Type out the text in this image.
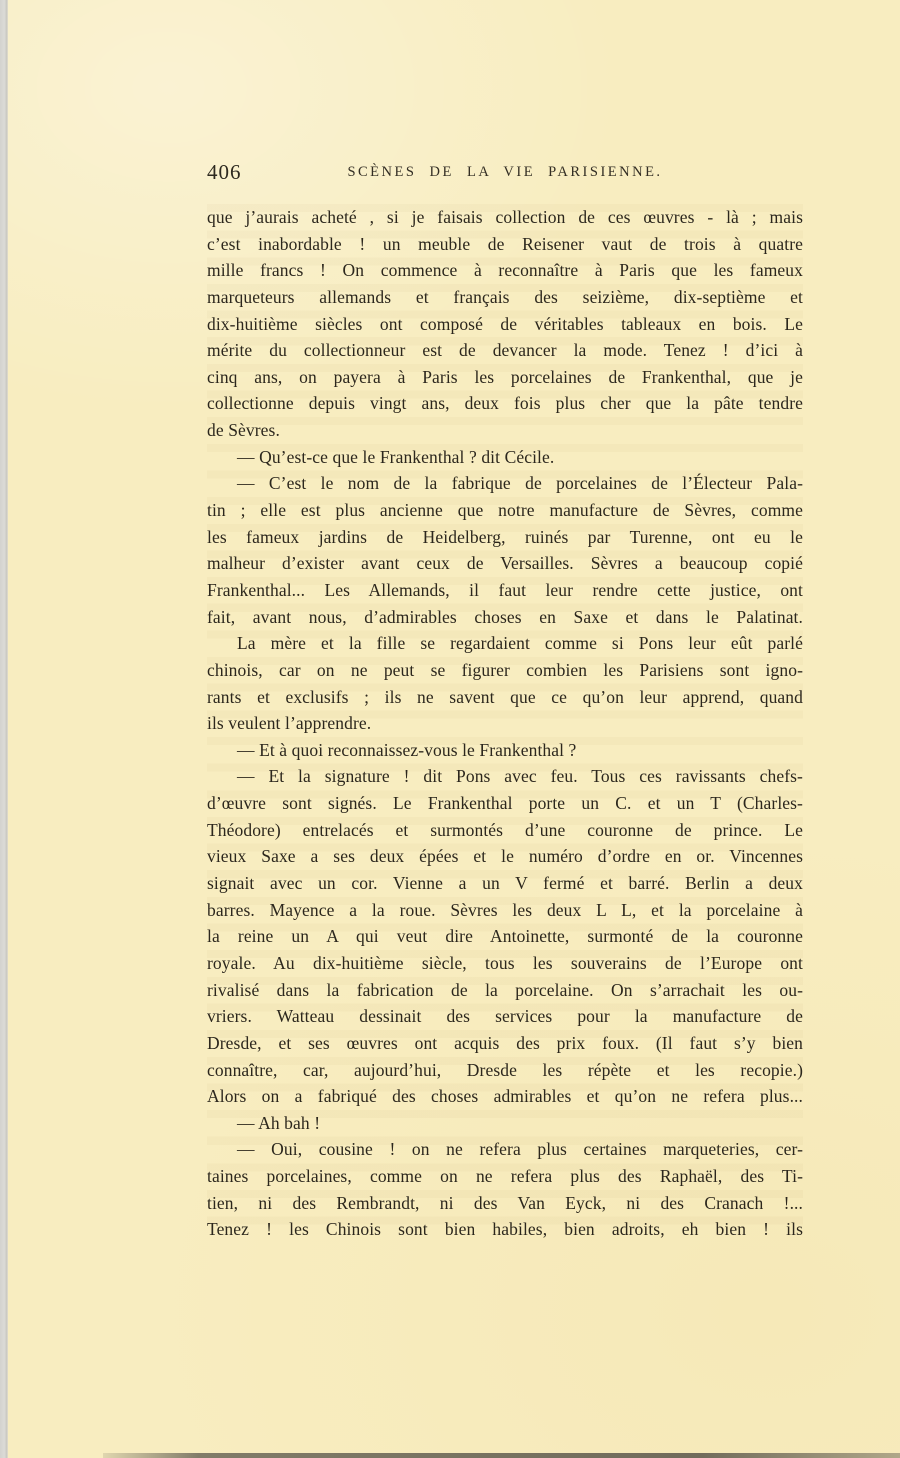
406	SCÈNES DE LA VIE PARISIENNE.
que j’aurais acheté , si je faisais collection de ces œuvres - là ; mais
c’est inabordable ! un meuble de Reisener vaut de trois à quatre
mille francs ! On commence à reconnaître à Paris que les fameux
marqueteurs allemands et français des seizième, dix-septième et
dix-huitième siècles ont composé de véritables tableaux en bois. Le
mérite du collectionneur est de devancer la mode. Tenez ! d’ici à
cinq ans, on payera à Paris les porcelaines de Frankenthal, que je
collectionne depuis vingt ans, deux fois plus cher que la pâte tendre
de Sèvres.
— Qu’est-ce que le Frankenthal ? dit Cécile.
— C’est le nom de la fabrique de porcelaines de l’Électeur Pala-
tin ; elle est plus ancienne que notre manufacture de Sèvres, comme
les fameux jardins de Heidelberg, ruinés par Turenne, ont eu le
malheur d’exister avant ceux de Versailles. Sèvres a beaucoup copié
Frankenthal... Les Allemands, il faut leur rendre cette justice, ont
fait, avant nous, d’admirables choses en Saxe et dans le Palatinat.
La mère et la fille se regardaient comme si Pons leur eût parlé
chinois, car on ne peut se figurer combien les Parisiens sont igno-
rants et exclusifs ; ils ne savent que ce qu’on leur apprend, quand
ils veulent l’apprendre.
— Et à quoi reconnaissez-vous le Frankenthal ?
— Et la signature ! dit Pons avec feu. Tous ces ravissants chefs-
d’œuvre sont signés. Le Frankenthal porte un C. et un T (Charles-
Théodore) entrelacés et surmontés d’une couronne de prince. Le
vieux Saxe a ses deux épées et le numéro d’ordre en or. Vincennes
signait avec un cor. Vienne a un V fermé et barré. Berlin a deux
barres. Mayence a la roue. Sèvres les deux L L, et la porcelaine à
la reine un A qui veut dire Antoinette, surmonté de la couronne
royale. Au dix-huitième siècle, tous les souverains de l’Europe ont
rivalisé dans la fabrication de la porcelaine. On s’arrachait les ou-
vriers. Watteau dessinait des services pour la manufacture de
Dresde, et ses œuvres ont acquis des prix foux. (Il faut s’y bien
connaître, car, aujourd’hui, Dresde les répète et les recopie.)
Alors on a fabriqué des choses admirables et qu’on ne refera plus...
— Ah bah !
— Oui, cousine ! on ne refera plus certaines marqueteries, cer-
taines porcelaines, comme on ne refera plus des Raphaël, des Ti-
tien, ni des Rembrandt, ni des Van Eyck, ni des Cranach !...
Tenez ! les Chinois sont bien habiles, bien adroits, eh bien ! ils
